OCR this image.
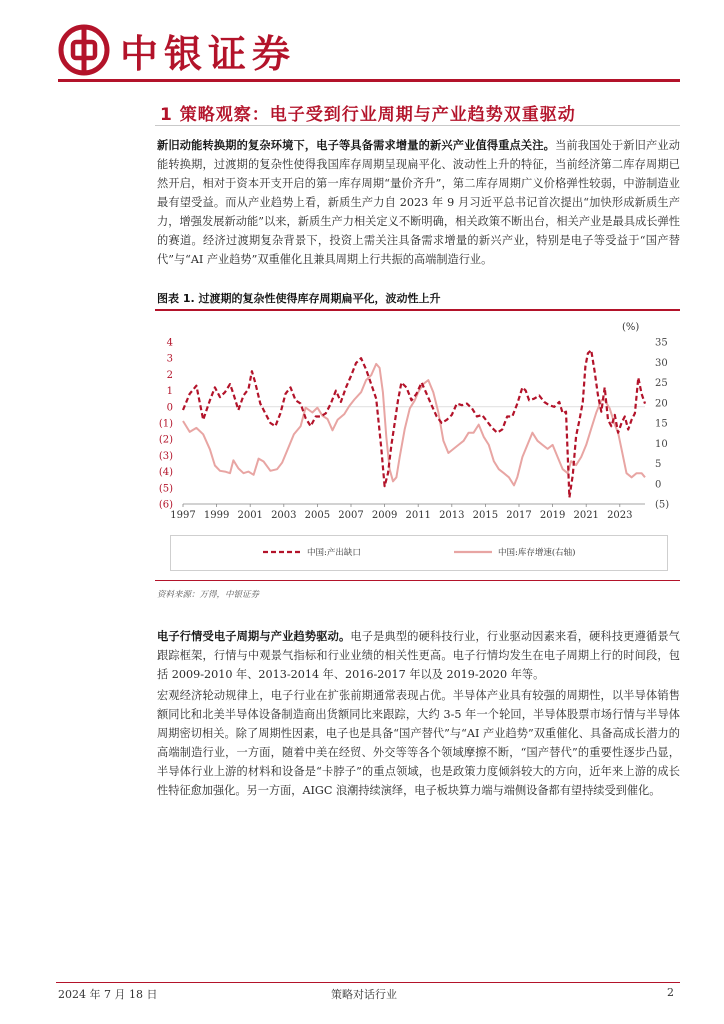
中银证券
1 策略观察：电子受到行业周期与产业趋势双重驱动

新旧动能转换期的复杂环境下，电子等具备需求增量的新兴产业值得重点关注。当前我国处于新旧产业动能转换期，过渡期的复杂性使得我国库存周期呈现扁平化、波动性上升的特征，当前经济第二库存周期已然开启，相对于资本开支开启的第一库存周期“量价齐升”，第二库存周期广义价格弹性较弱，中游制造业最有望受益。而从产业趋势上看，新质生产力自 2023 年 9 月习近平总书记首次提出“加快形成新质生产力，增强发展新动能”以来，新质生产力相关定义不断明确，相关政策不断出台，相关产业是最具成长弹性的赛道。经济过渡期复杂背景下，投资上需关注具备需求增量的新兴产业，特别是电子等受益于“国产替代”与“AI 产业趋势”双重催化且兼具周期上行共振的高端制造行业。

图表 1. 过渡期的复杂性使得库存周期扁平化，波动性上升
4
3
2
1
0
(1)
(2)
(3)
(4)
(5)
(6)
35
30
25
20
15
10
5
0
(5)
(%)
1997 1999 2001 2003 2005 2007 2009 2011 2013 2015 2017 2019 2021 2023
中国:产出缺口	中国:库存增速(右轴)
资料来源：万得，中银证券

电子行情受电子周期与产业趋势驱动。电子是典型的硬科技行业，行业驱动因素来看，硬科技更遵循景气跟踪框架，行情与中观景气指标和行业业绩的相关性更高。电子行情均发生在电子周期上行的时间段，包括 2009-2010 年、2013-2014 年、2016-2017 年以及 2019-2020 年等。

宏观经济轮动规律上，电子行业在扩张前期通常表现占优。半导体产业具有较强的周期性，以半导体销售额同比和北美半导体设备制造商出货额同比来跟踪，大约 3-5 年一个轮回，半导体股票市场行情与半导体周期密切相关。除了周期性因素，电子也是具备“国产替代”与“AI 产业趋势”双重催化、具备高成长潜力的高端制造行业，一方面，随着中美在经贸、外交等等各个领域摩擦不断，“国产替代”的重要性逐步凸显，半导体行业上游的材料和设备是“卡脖子”的重点领域，也是政策力度倾斜较大的方向，近年来上游的成长性特征愈加强化。另一方面，AIGC 浪潮持续演绎，电子板块算力端与端侧设备都有望持续受到催化。

2024 年 7 月 18 日	策略对话行业	2
